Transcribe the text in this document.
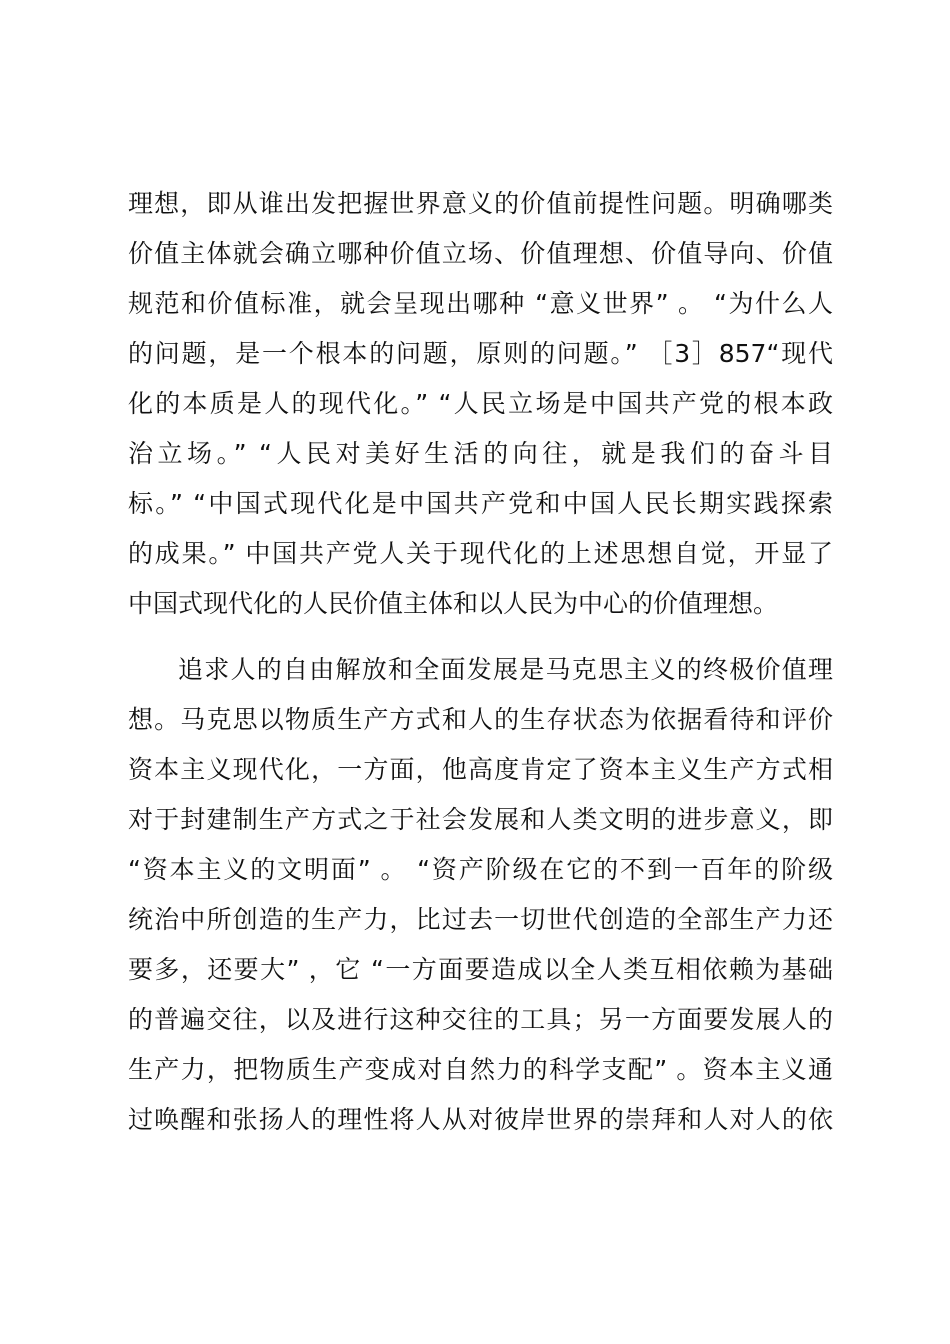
理想，即从谁出发把握世界意义的价值前提性问题。明确哪类
价值主体就会确立哪种价值立场、价值理想、价值导向、价值
规范和价值标准，就会呈现出哪种 “意义世界” 。 “为什么人
的问题，是一个根本的问题，原则的问题。” ［3］857“现代
化的本质是人的现代化。” “人民立场是中国共产党的根本政
治立场。” “人民对美好生活的向往，就是我们的奋斗目
标。” “中国式现代化是中国共产党和中国人民长期实践探索
的成果。” 中国共产党人关于现代化的上述思想自觉，开显了
中国式现代化的人民价值主体和以人民为中心的价值理想。
追求人的自由解放和全面发展是马克思主义的终极价值理
想。马克思以物质生产方式和人的生存状态为依据看待和评价
资本主义现代化，一方面，他高度肯定了资本主义生产方式相
对于封建制生产方式之于社会发展和人类文明的进步意义，即
“资本主义的文明面” 。 “资产阶级在它的不到一百年的阶级
统治中所创造的生产力，比过去一切世代创造的全部生产力还
要多，还要大” ，它 “一方面要造成以全人类互相依赖为基础
的普遍交往，以及进行这种交往的工具；另一方面要发展人的
生产力，把物质生产变成对自然力的科学支配” 。资本主义通
过唤醒和张扬人的理性将人从对彼岸世界的崇拜和人对人的依
